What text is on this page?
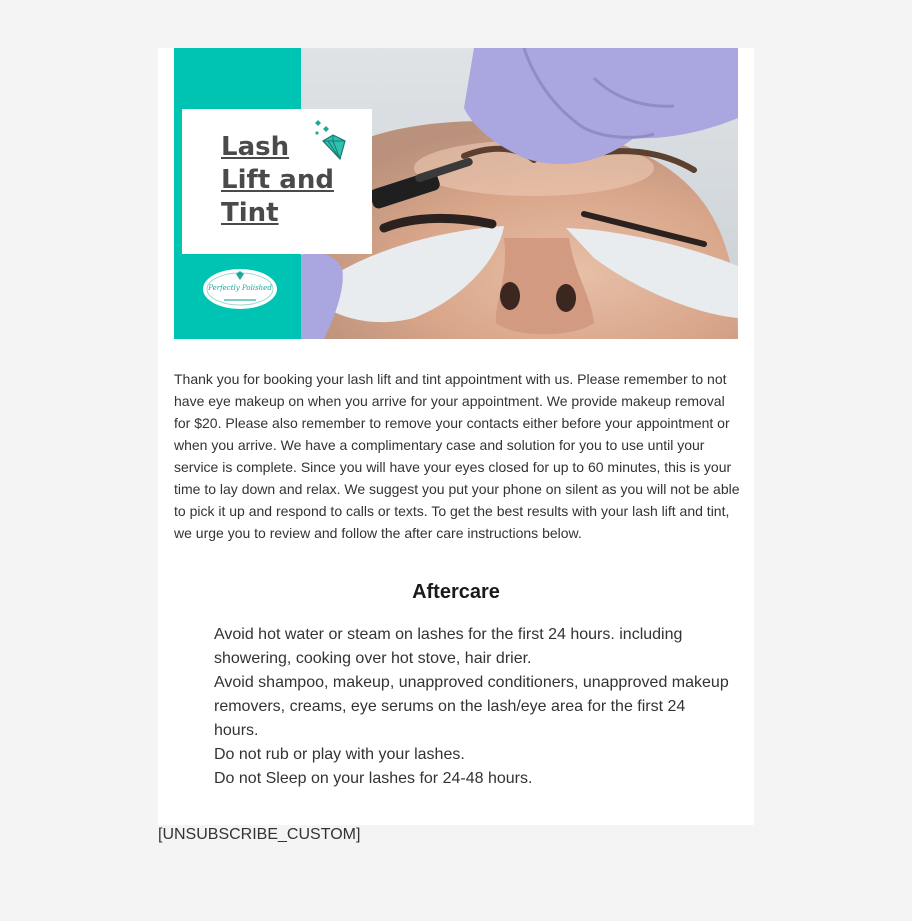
Lash
Lift and
Tint
Perfectly Polished

Thank you for booking your lash lift and tint appointment with us. Please remember to not have eye makeup on when you arrive for your appointment. We provide makeup removal for $20. Please also remember to remove your contacts either before your appointment or when you arrive. We have a complimentary case and solution for you to use until your service is complete. Since you will have your eyes closed for up to 60 minutes, this is your time to lay down and relax. We suggest you put your phone on silent as you will not be able to pick it up and respond to calls or texts. To get the best results with your lash lift and tint, we urge you to review and follow the after care instructions below.

Aftercare
Avoid hot water or steam on lashes for the first 24 hours. including showering, cooking over hot stove, hair drier.
Avoid shampoo, makeup, unapproved conditioners, unapproved makeup removers, creams, eye serums on the lash/eye area for the first 24 hours.
Do not rub or play with your lashes.
Do not Sleep on your lashes for 24-48 hours.
[UNSUBSCRIBE_CUSTOM]
